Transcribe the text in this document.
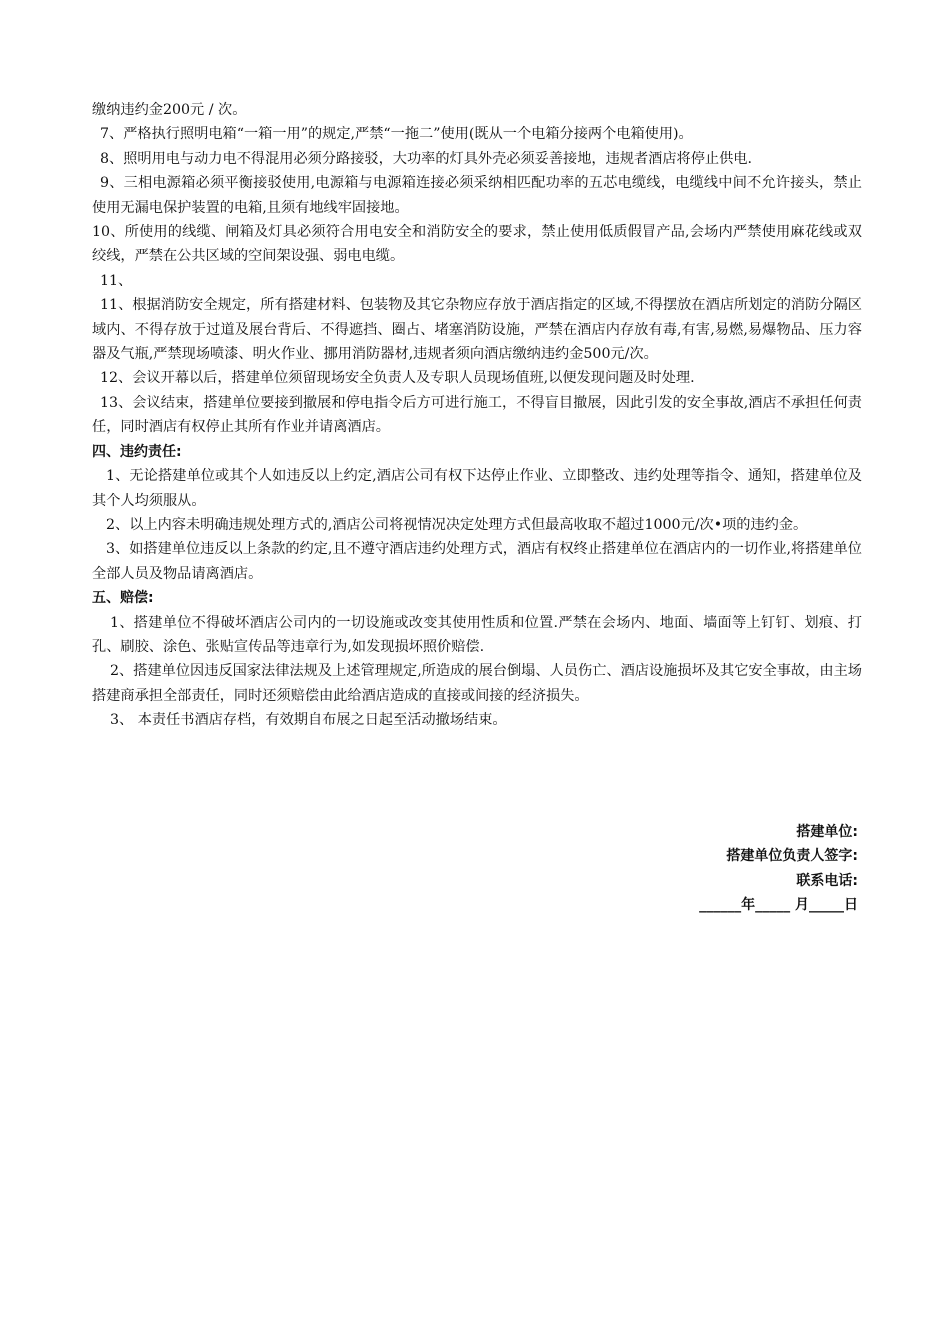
缴纳违约金200元 / 次。

7、严格执行照明电箱“一箱一用”的规定,严禁“一拖二”使用(既从一个电箱分接两个电箱使用)。

8、照明用电与动力电不得混用必须分路接驳，大功率的灯具外壳必须妥善接地，违规者酒店将停止供电.

9、三相电源箱必须平衡接驳使用,电源箱与电源箱连接必须采纳相匹配功率的五芯电缆线，电缆线中间不允许接头，禁止使用无漏电保护装置的电箱,且须有地线牢固接地。

10、所使用的线缆、闸箱及灯具必须符合用电安全和消防安全的要求，禁止使用低质假冒产品,会场内严禁使用麻花线或双绞线，严禁在公共区域的空间架设强、弱电电缆。

11、

11、根据消防安全规定，所有搭建材料、包装物及其它杂物应存放于酒店指定的区域,不得摆放在酒店所划定的消防分隔区域内、不得存放于过道及展台背后、不得遮挡、圈占、堵塞消防设施，严禁在酒店内存放有毒,有害,易燃,易爆物品、压力容器及气瓶,严禁现场喷漆、明火作业、挪用消防器材,违规者须向酒店缴纳违约金500元/次。

12、会议开幕以后，搭建单位须留现场安全负责人及专职人员现场值班,以便发现问题及时处理.

13、会议结束，搭建单位要接到撤展和停电指令后方可进行施工，不得盲目撤展，因此引发的安全事故,酒店不承担任何责任，同时酒店有权停止其所有作业并请离酒店。

四、违约责任:

1、无论搭建单位或其个人如违反以上约定,酒店公司有权下达停止作业、立即整改、违约处理等指令、通知，搭建单位及其个人均须服从。

2、以上内容未明确违规处理方式的,酒店公司将视情况决定处理方式但最高收取不超过1000元/次•项的违约金。

3、如搭建单位违反以上条款的约定,且不遵守酒店违约处理方式，酒店有权终止搭建单位在酒店内的一切作业,将搭建单位全部人员及物品请离酒店。

五、赔偿:

1、搭建单位不得破坏酒店公司内的一切设施或改变其使用性质和位置.严禁在会场内、地面、墙面等上钉钉、划痕、打孔、刷胶、涂色、张贴宣传品等违章行为,如发现损坏照价赔偿.

2、搭建单位因违反国家法律法规及上述管理规定,所造成的展台倒塌、人员伤亡、酒店设施损坏及其它安全事故，由主场搭建商承担全部责任，同时还须赔偿由此给酒店造成的直接或间接的经济损失。

3、 本责任书酒店存档，有效期自布展之日起至活动撤场结束。

搭建单位:

搭建单位负责人签字:

联系电话:

______年_____ 月_____日
